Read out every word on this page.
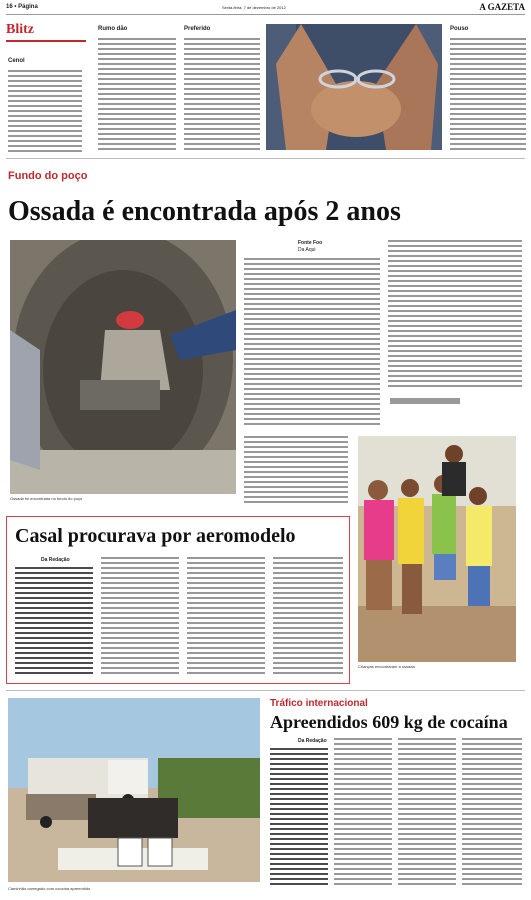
16 • Página	Sexta-feira, 7 de dezembro de 2012	A GAZETA
Blitz
Cenol
Rumo dão	Preferido	Pouso
Fundo do poço
Ossada é encontrada após 2 anos
Ossada foi encontrada no fundo do poço
Fonte Foo
Da Aqui
Crianças encontraram a ossada
Casal procurava por aeromodelo
Da Redação
Caminhão carregado com cocaína apreendido
Tráfico internacional
Apreendidos 609 kg de cocaína
Da Redação
